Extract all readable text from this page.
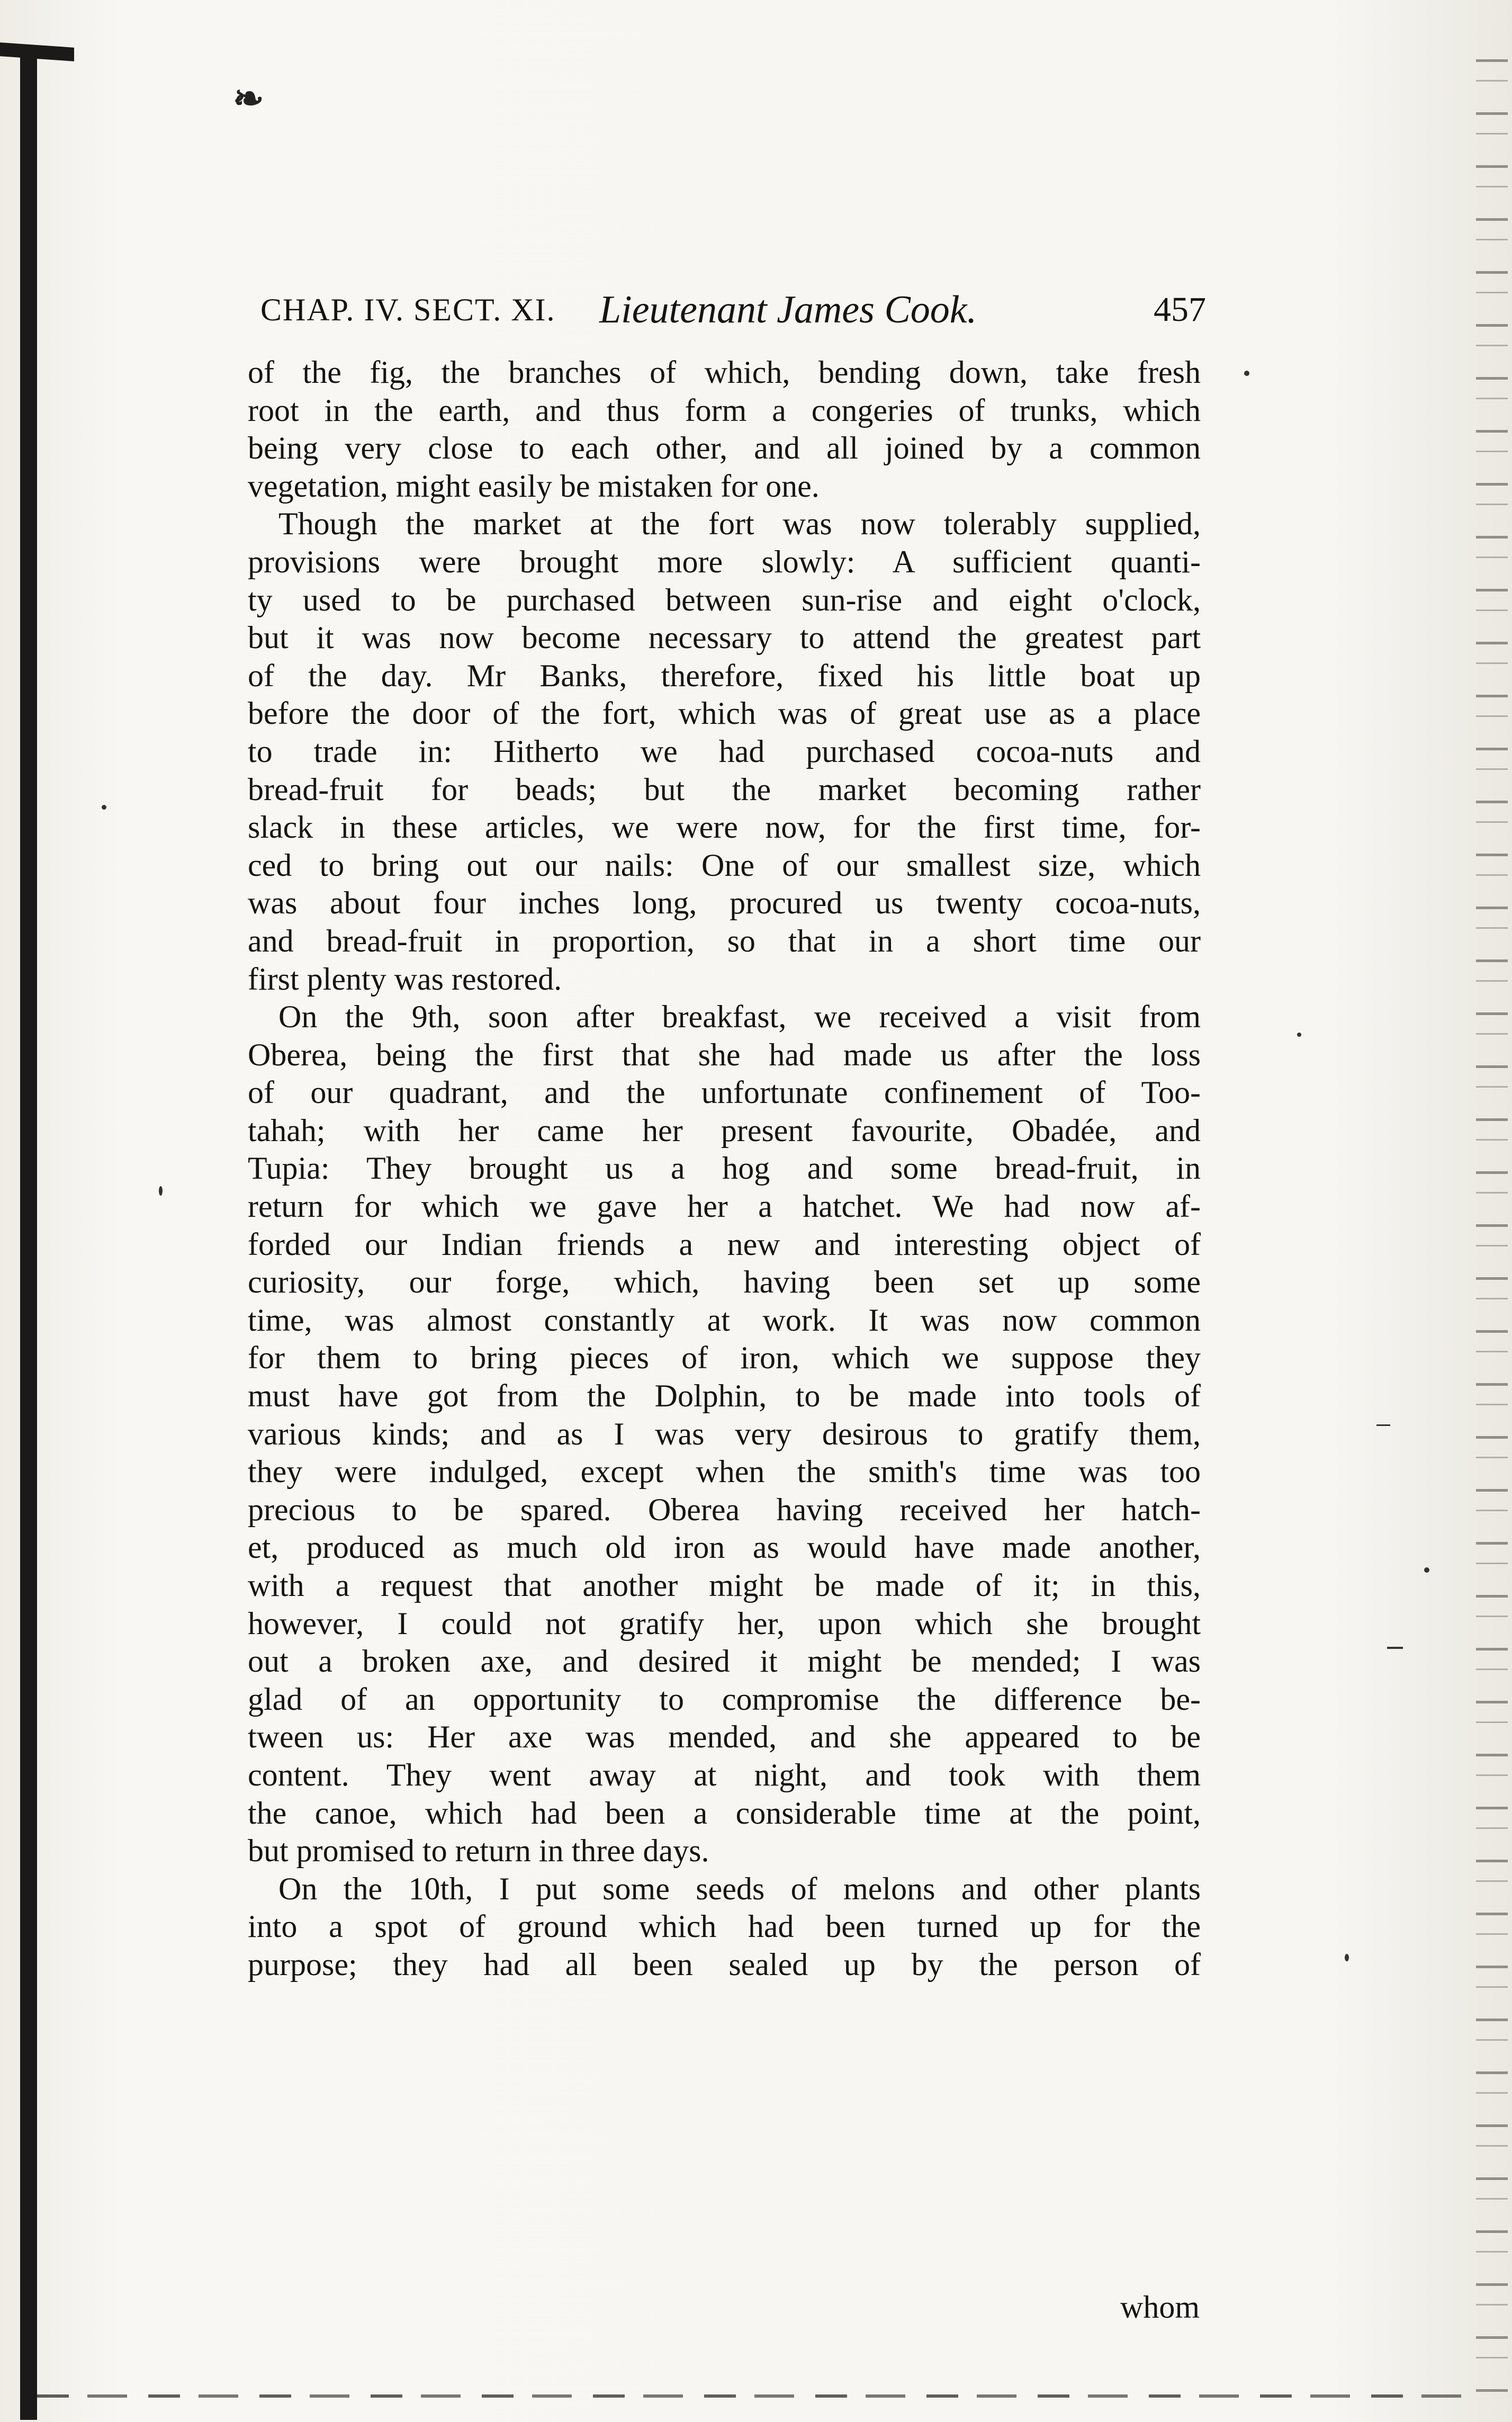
❧
CHAP. IV. SECT. XI. Lieutenant James Cook.	457
of the fig, the branches of which, bending down, take fresh
root in the earth, and thus form a congeries of trunks, which
being very close to each other, and all joined by a common
vegetation, might easily be mistaken for one.
Though the market at the fort was now tolerably supplied,
provisions were brought more slowly: A sufficient quanti-
ty used to be purchased between sun-rise and eight o'clock,
but it was now become necessary to attend the greatest part
of the day. Mr Banks, therefore, fixed his little boat up
before the door of the fort, which was of great use as a place
to trade in: Hitherto we had purchased cocoa-nuts and
bread-fruit for beads; but the market becoming rather
slack in these articles, we were now, for the first time, for-
ced to bring out our nails: One of our smallest size, which
was about four inches long, procured us twenty cocoa-nuts,
and bread-fruit in proportion, so that in a short time our
first plenty was restored.
On the 9th, soon after breakfast, we received a visit from
Oberea, being the first that she had made us after the loss
of our quadrant, and the unfortunate confinement of Too-
tahah; with her came her present favourite, Obadée, and
Tupia: They brought us a hog and some bread-fruit, in
return for which we gave her a hatchet. We had now af-
forded our Indian friends a new and interesting object of
curiosity, our forge, which, having been set up some
time, was almost constantly at work. It was now common
for them to bring pieces of iron, which we suppose they
must have got from the Dolphin, to be made into tools of
various kinds; and as I was very desirous to gratify them,
they were indulged, except when the smith's time was too
precious to be spared. Oberea having received her hatch-
et, produced as much old iron as would have made another,
with a request that another might be made of it; in this,
however, I could not gratify her, upon which she brought
out a broken axe, and desired it might be mended; I was
glad of an opportunity to compromise the difference be-
tween us: Her axe was mended, and she appeared to be
content. They went away at night, and took with them
the canoe, which had been a considerable time at the point,
but promised to return in three days.
On the 10th, I put some seeds of melons and other plants
into a spot of ground which had been turned up for the
purpose; they had all been sealed up by the person of
whom
